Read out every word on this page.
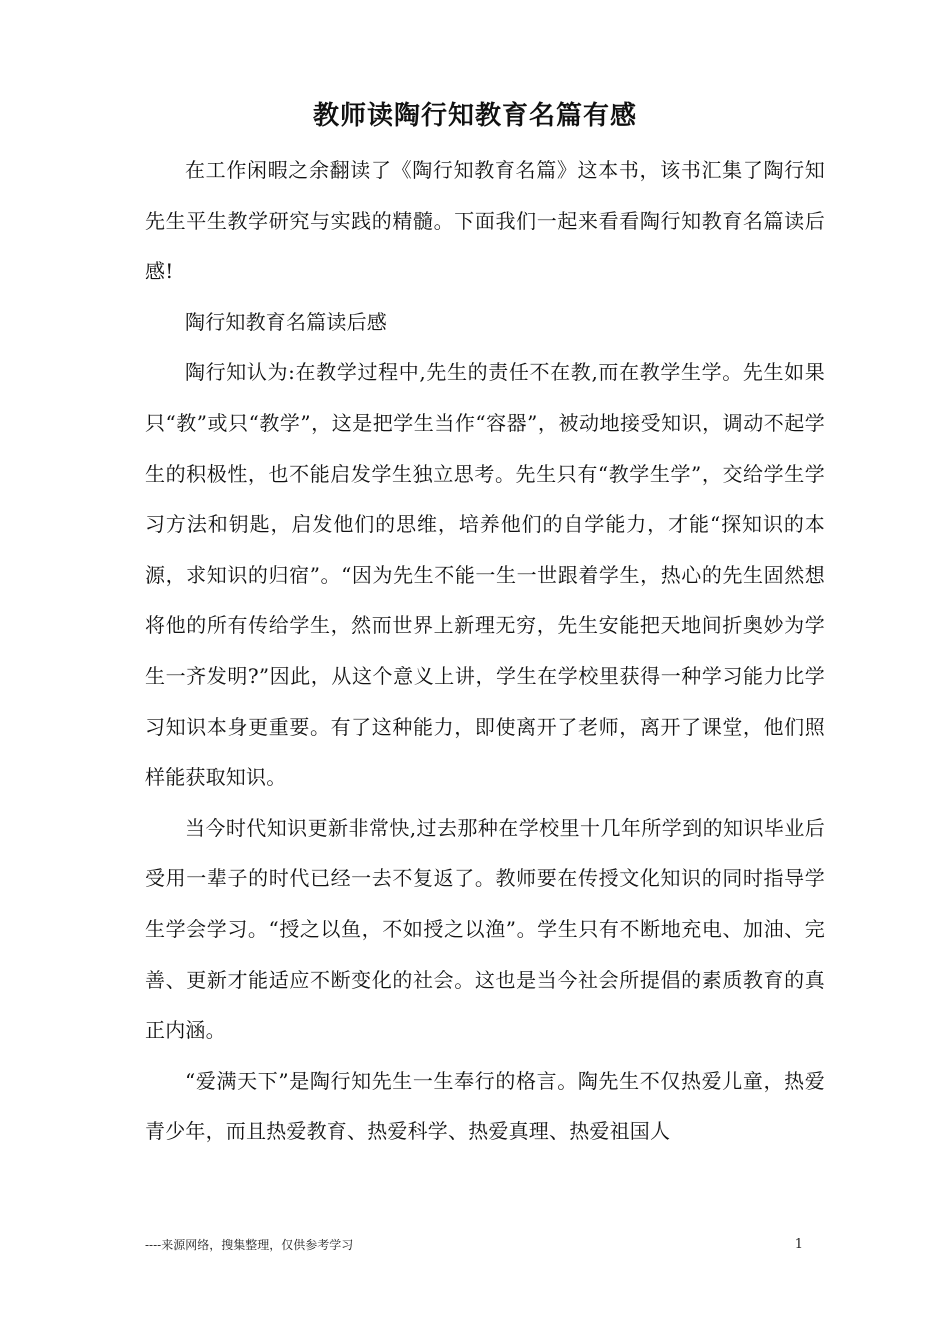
教师读陶行知教育名篇有感

在工作闲暇之余翻读了《陶行知教育名篇》这本书，该书汇集了陶行知先生平生教学研究与实践的精髓。下面我们一起来看看陶行知教育名篇读后感!

陶行知教育名篇读后感

陶行知认为:在教学过程中,先生的责任不在教,而在教学生学。先生如果只“教”或只“教学”，这是把学生当作“容器”，被动地接受知识，调动不起学生的积极性，也不能启发学生独立思考。先生只有“教学生学”，交给学生学习方法和钥匙，启发他们的思维，培养他们的自学能力，才能“探知识的本源，求知识的归宿”。“因为先生不能一生一世跟着学生，热心的先生固然想将他的所有传给学生，然而世界上新理无穷，先生安能把天地间折奥妙为学生一齐发明?”因此，从这个意义上讲，学生在学校里获得一种学习能力比学习知识本身更重要。有了这种能力，即使离开了老师，离开了课堂，他们照样能获取知识。

当今时代知识更新非常快,过去那种在学校里十几年所学到的知识毕业后受用一辈子的时代已经一去不复返了。教师要在传授文化知识的同时指导学生学会学习。“授之以鱼，不如授之以渔”。学生只有不断地充电、加油、完善、更新才能适应不断变化的社会。这也是当今社会所提倡的素质教育的真正内涵。

“爱满天下”是陶行知先生一生奉行的格言。陶先生不仅热爱儿童，热爱青少年，而且热爱教育、热爱科学、热爱真理、热爱祖国人

----来源网络，搜集整理，仅供参考学习	1
